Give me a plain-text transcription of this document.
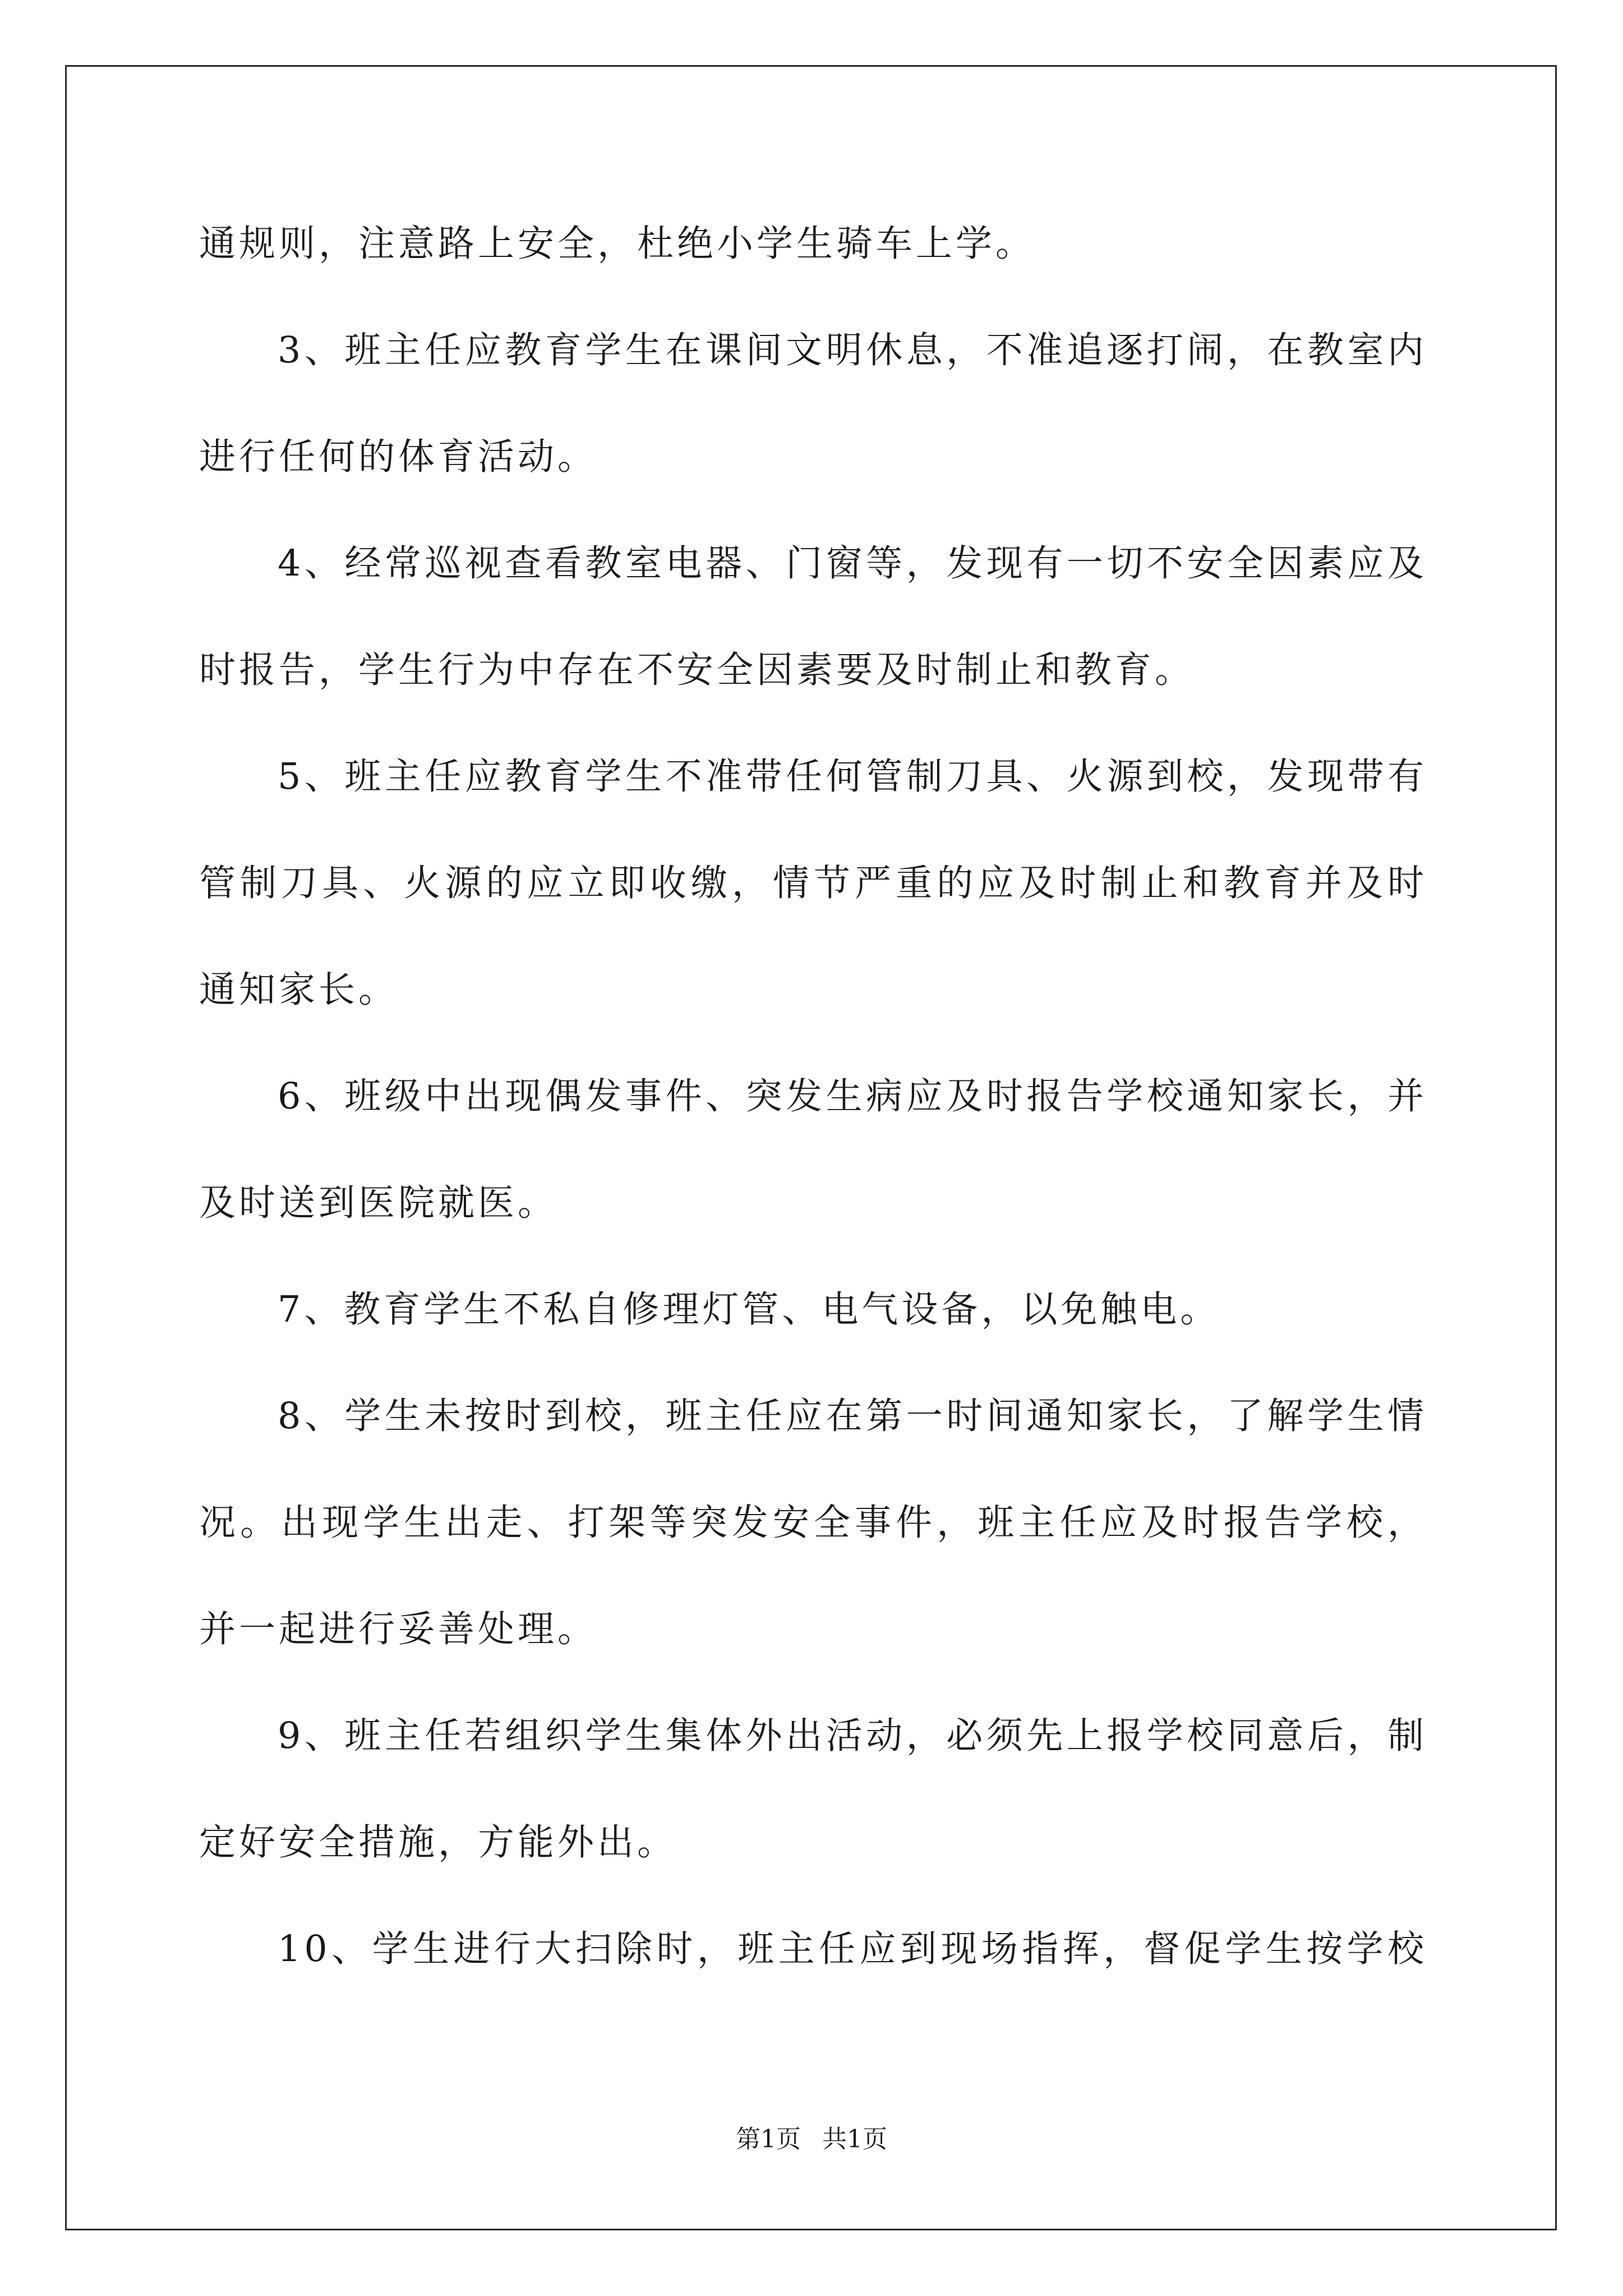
通规则，注意路上安全，杜绝小学生骑车上学。
3、班主任应教育学生在课间文明休息，不准追逐打闹，在教室内
进行任何的体育活动。
4、经常巡视查看教室电器、门窗等，发现有一切不安全因素应及
时报告，学生行为中存在不安全因素要及时制止和教育。
5、班主任应教育学生不准带任何管制刀具、火源到校，发现带有
管制刀具、火源的应立即收缴，情节严重的应及时制止和教育并及时
通知家长。
6、班级中出现偶发事件、突发生病应及时报告学校通知家长，并
及时送到医院就医。
7、教育学生不私自修理灯管、电气设备，以免触电。
8、学生未按时到校，班主任应在第一时间通知家长，了解学生情
况。出现学生出走、打架等突发安全事件，班主任应及时报告学校，
并一起进行妥善处理。
9、班主任若组织学生集体外出活动，必须先上报学校同意后，制
定好安全措施，方能外出。
10、学生进行大扫除时，班主任应到现场指挥，督促学生按学校
第1页 共1页
